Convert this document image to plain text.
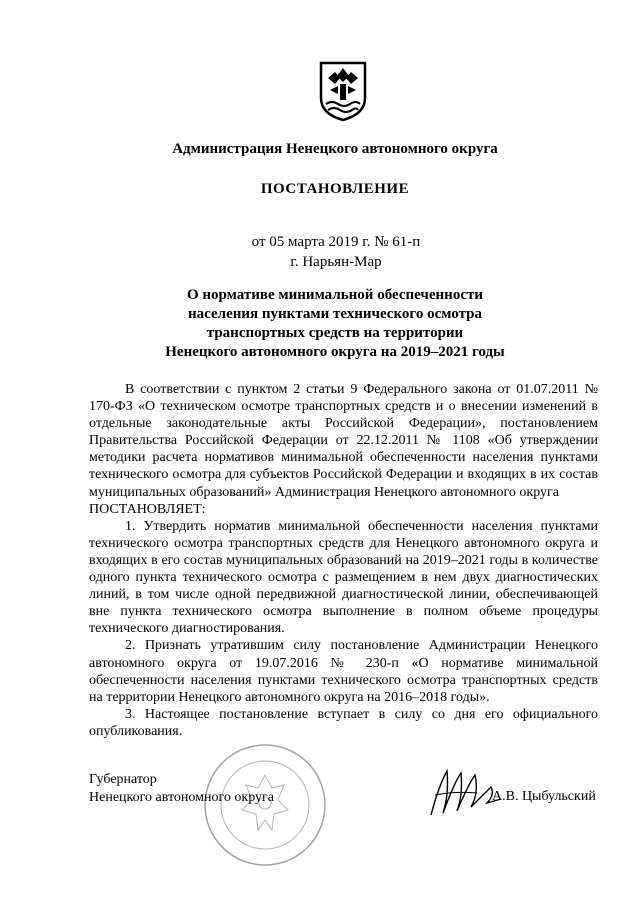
Администрация Ненецкого автономного округа
ПОСТАНОВЛЕНИЕ
от 05 марта 2019 г. № 61-п
г. Нарьян-Мар
О нормативе минимальной обеспеченности
населения пунктами технического осмотра
транспортных средств на территории
Ненецкого автономного округа на 2019–2021 годы

В соответствии с пунктом 2 статьи 9 Федерального закона от 01.07.2011 № 170-ФЗ «О техническом осмотре транспортных средств и о внесении изменений в отдельные законодательные акты Российской Федерации», постановлением Правительства Российской Федерации от 22.12.2011 № 1108 «Об утверждении методики расчета нормативов минимальной обеспеченности населения пунктами технического осмотра для субъектов Российской Федерации и входящих в их состав муниципальных образований» Администрация Ненецкого автономного округа

ПОСТАНОВЛЯЕТ:

1. Утвердить норматив минимальной обеспеченности населения пунктами технического осмотра транспортных средств для Ненецкого автономного округа и входящих в его состав муниципальных образований на 2019–2021 годы в количестве одного пункта технического осмотра с размещением в нем двух диагностических линий, в том числе одной передвижной диагностической линии, обеспечивающей вне пункта технического осмотра выполнение в полном объеме процедуры технического диагностирования.

2. Признать утратившим силу постановление Администрации Ненецкого автономного округа от 19.07.2016 № 230-п «О нормативе минимальной обеспеченности населения пунктами технического осмотра транспортных средств на территории Ненецкого автономного округа на 2016–2018 годы».

3. Настоящее постановление вступает в силу со дня его официального опубликования.

Губернатор
Ненецкого автономного округа	А.В. Цыбульский
